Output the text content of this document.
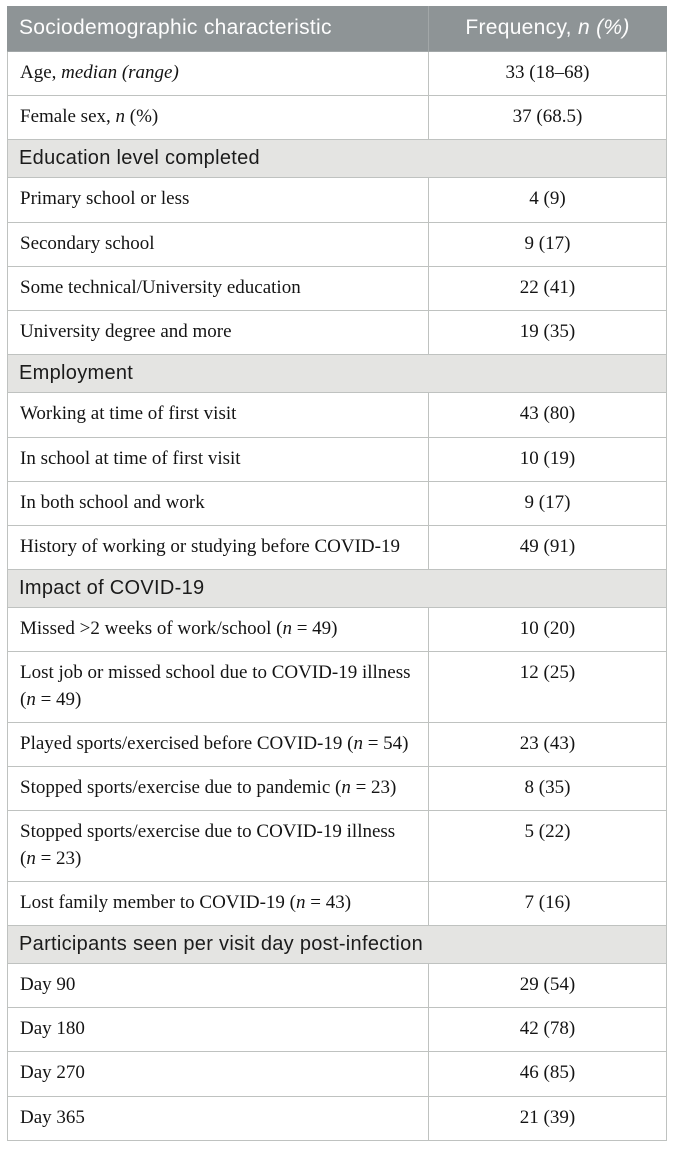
Sociodemographic characteristic	Frequency, n (%)
Age, median (range)	33 (18–68)
Female sex, n (%)	37 (68.5)
Education level completed	
Primary school or less	4 (9)
Secondary school	9 (17)
Some technical/University education	22 (41)
University degree and more	19 (35)
Employment	
Working at time of first visit	43 (80)
In school at time of first visit	10 (19)
In both school and work	9 (17)
History of working or studying before COVID-19	49 (91)
Impact of COVID-19	
Missed >2 weeks of work/school (n = 49)	10 (20)
Lost job or missed school due to COVID-19 illness (n = 49)	12 (25)
Played sports/exercised before COVID-19 (n = 54)	23 (43)
Stopped sports/exercise due to pandemic (n = 23)	8 (35)
Stopped sports/exercise due to COVID-19 illness (n = 23)	5 (22)
Lost family member to COVID-19 (n = 43)	7 (16)
Participants seen per visit day post-infection	
Day 90	29 (54)
Day 180	42 (78)
Day 270	46 (85)
Day 365	21 (39)
